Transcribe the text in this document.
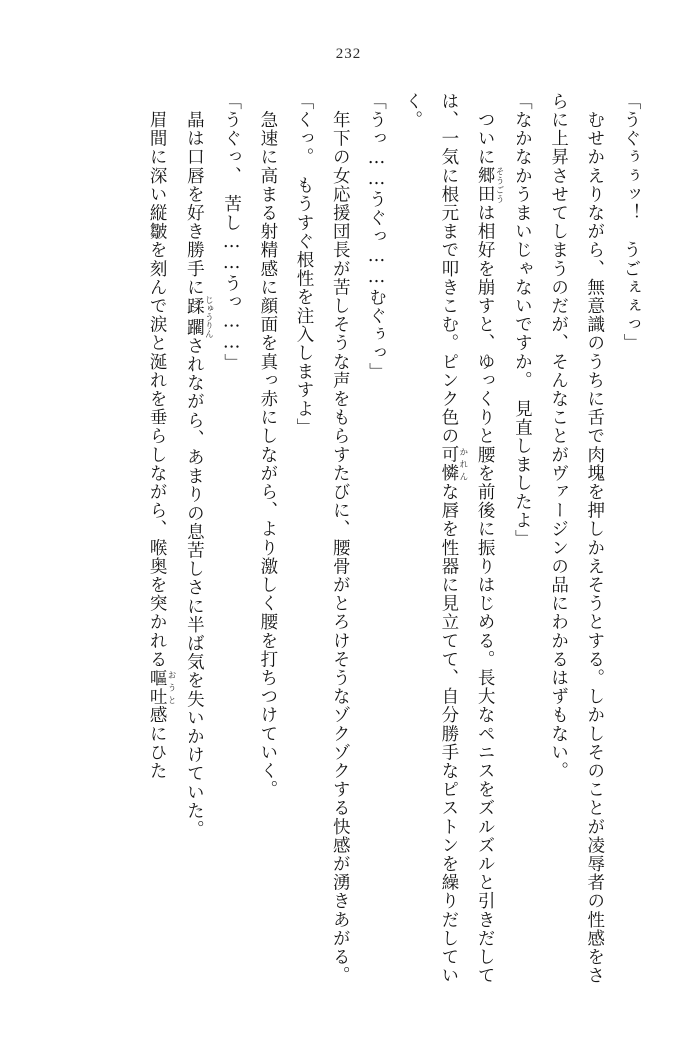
232

「うぐぅぅッ！　うごぇぇっ」

　むせかえりながら、無意識のうちに舌で肉塊を押しかえそうとする。しかしそのことが凌辱者の性感をさらに上昇させてしまうのだが、そんなことがヴァージンの品にわかるはずもない。

「なかなかうまいじゃないですか。　見直しましたよ」

　ついに郷田 そうごうは相好を崩すと、ゆっくりと腰を前後に振りはじめる。長大なペニスをズルズルと引きだしては、一気に根元まで叩きこむ。ピンク色の可憐 かれんな唇を性器に見立てて、自分勝手なピストンを繰りだしていく。

「うっ……うぐっ……むぐぅっ」

　年下の女応援団長が苦しそうな声をもらすたびに、腰骨がとろけそうなゾクゾクする快感が湧きあがる。

「くっ。　もうすぐ根性を注入しますよ」

　急速に高まる射精感に顔面を真っ赤にしながら、より激しく腰を打ちつけていく。

「うぐっ、　苦し……うっ……」

　晶は口唇を好き勝手に蹂躙 じゅうりんされながら、あまりの息苦しさに半ば気を失いかけていた。

　眉間に深い縦皺を刻んで涙と涎れを垂らしながら、喉奥を突かれる嘔吐 おうと感にひた
